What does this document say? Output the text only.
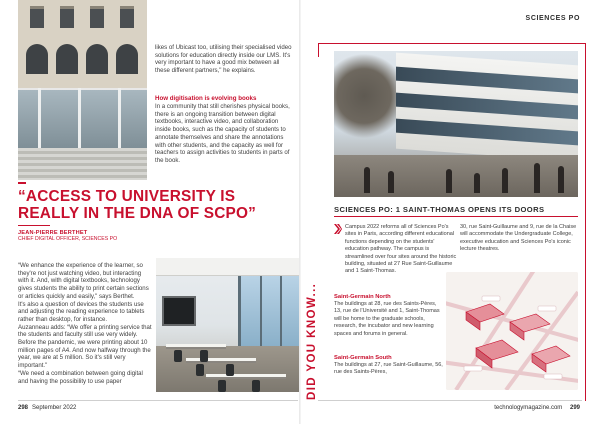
likes of Ubicast too, utilising their specialised video solutions for education directly inside our LMS. It's very important to have a good mix between all these different partners," he explains.
How digitisation is evolving books
In a community that still cherishes physical books, there is an ongoing transition between digital textbooks, interactive video, and collaboration inside books, such as the capacity of students to annotate themselves and share the annotations with other students, and the capacity as well for teachers to assign activities to students in parts of the book.
“ACCESS TO UNIVERSITY IS REALLY IN THE DNA OF SCPO”
JEAN-PIERRE BERTHET
CHIEF DIGITAL OFFICER, SCIENCES PO

“We enhance the experience of the learner, so they're not just watching video, but interacting with it. And, with digital textbooks, technology gives students the ability to print certain sections or articles quickly and easily," says Berthet.

It's also a question of devices the students use and adjusting the reading experience to tablets rather than desktop, for instance.

Auzanneau adds: “We offer a printing service that the students and faculty still use very widely. Before the pandemic, we were printing about 10 million pages of A4. And now halfway through the year, we are at 5 million. So it's still very important."

“We need a combination between going digital and having the possibility to use paper

298 September 2022
SCIENCES PO
SCIENCES PO: 1 SAINT-THOMAS OPENS ITS DOORS
DID YOU KNOW...
Campus 2022 reforms all of Sciences Po's sites in Paris, according different educational functions depending on the students' education pathway. The campus is streamlined over four sites around the historic building, situated at 27 Rue Saint-Guillaume and 1 Saint-Thomas.
30, rue Saint-Guillaume and 9, rue de la Chaise will accommodate the Undergraduate College, executive education and Sciences Po's iconic lecture theatres.
Saint-Germain North
The buildings at 28, rue des Saints-Pères, 13, rue de l'Université and 1, Saint-Thomas will be home to the graduate schools, research, the incubator and new learning spaces and forums in general.
Saint-Germain South
The buildings at 27, rue Saint-Guillaume, 56, rue des Saints-Pères,
technologymagazine.com 299
